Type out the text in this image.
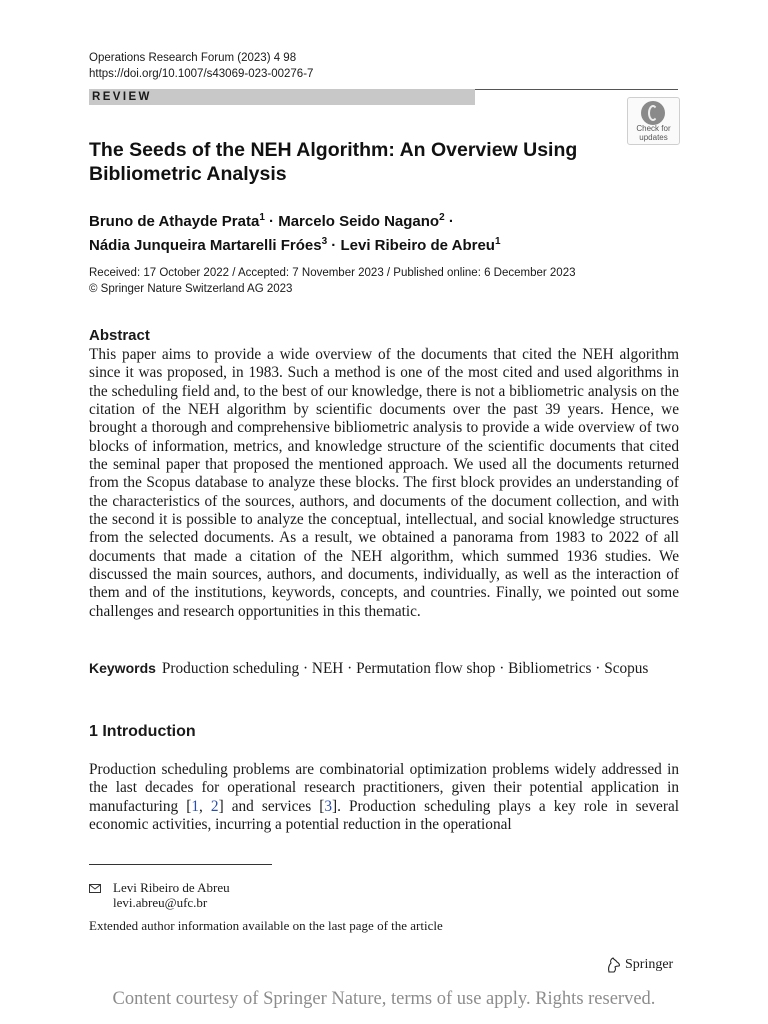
Operations Research Forum (2023) 4 98
https://doi.org/10.1007/s43069-023-00276-7
REVIEW
Check for
updates
The Seeds of the NEH Algorithm: An Overview Using Bibliometric Analysis
Bruno de Athayde Prata$^1$ · Marcelo Seido Nagano$^2$ ·
Nádia Junqueira Martarelli Fróes$^3$ · Levi Ribeiro de Abreu$^1$
Received: 17 October 2022 / Accepted: 7 November 2023 / Published online: 6 December 2023
© Springer Nature Switzerland AG 2023
Abstract
This paper aims to provide a wide overview of the documents that cited the NEH algorithm since it was proposed, in 1983. Such a method is one of the most cited and used algorithms in the scheduling field and, to the best of our knowledge, there is not a bibliometric analysis on the citation of the NEH algorithm by scientific documents over the past 39 years. Hence, we brought a thorough and comprehensive bibliometric analysis to provide a wide overview of two blocks of information, metrics, and knowledge structure of the scientific documents that cited the seminal paper that proposed the mentioned approach. We used all the documents returned from the Scopus database to analyze these blocks. The first block provides an understanding of the characteristics of the sources, authors, and documents of the document collection, and with the second it is possible to analyze the conceptual, intellectual, and social knowledge structures from the selected documents. As a result, we obtained a panorama from 1983 to 2022 of all documents that made a citation of the NEH algorithm, which summed 1936 studies. We discussed the main sources, authors, and documents, individually, as well as the interaction of them and of the institutions, keywords, concepts, and countries. Finally, we pointed out some challenges and research opportunities in this thematic.
Keywords Production scheduling · NEH · Permutation flow shop · Bibliometrics · Scopus
1 Introduction
Production scheduling problems are combinatorial optimization problems widely addressed in the last decades for operational research practitioners, given their potential application in manufacturing [1, 2] and services [3]. Production scheduling plays a key role in several economic activities, incurring a potential reduction in the operational
Levi Ribeiro de Abreu
levi.abreu@ufc.br
Extended author information available on the last page of the article
Springer
Content courtesy of Springer Nature, terms of use apply. Rights reserved.
